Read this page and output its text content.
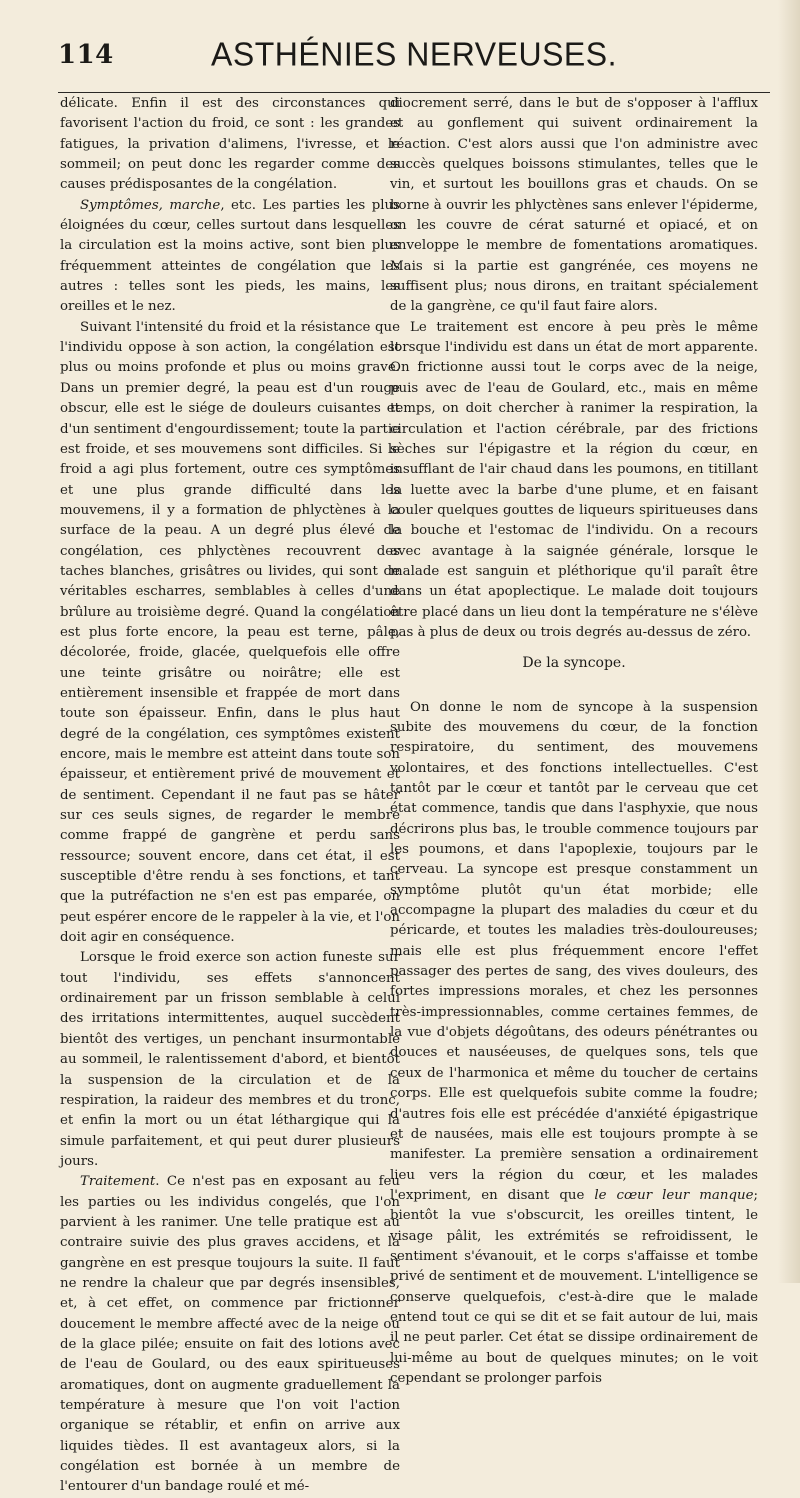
114	ASTHÉNIES NERVEUSES.

délicate. Enfin il est des circonstances qui favorisent l'action du froid, ce sont : les grandes fatigues, la privation d'alimens, l'ivresse, et le sommeil; on peut donc les regarder comme des causes prédisposantes de la congélation.

Symptômes, marche, etc. Les parties les plus éloignées du cœur, celles surtout dans lesquelles la circulation est la moins active, sont bien plus fréquemment atteintes de congélation que les autres : telles sont les pieds, les mains, les oreilles et le nez.

Suivant l'intensité du froid et la résistance que l'individu oppose à son action, la congélation est plus ou moins profonde et plus ou moins grave. Dans un premier degré, la peau est d'un rouge obscur, elle est le siége de douleurs cuisantes et d'un sentiment d'engourdissement; toute la partie est froide, et ses mouvemens sont difficiles. Si le froid a agi plus fortement, outre ces symptômes et une plus grande difficulté dans les mouvemens, il y a formation de phlyctènes à la surface de la peau. A un degré plus élevé de congélation, ces phlyctènes recouvrent des taches blanches, grisâtres ou livides, qui sont de véritables escharres, semblables à celles d'une brûlure au troisième degré. Quand la congélation est plus forte encore, la peau est terne, pâle, décolorée, froide, glacée, quelquefois elle offre une teinte grisâtre ou noirâtre; elle est entièrement insensible et frappée de mort dans toute son épaisseur. Enfin, dans le plus haut degré de la congélation, ces symptômes existent encore, mais le membre est atteint dans toute son épaisseur, et entièrement privé de mouvement et de sentiment. Cependant il ne faut pas se hâter sur ces seuls signes, de regarder le membre comme frappé de gangrène et perdu sans ressource; souvent encore, dans cet état, il est susceptible d'être rendu à ses fonctions, et tant que la putréfaction ne s'en est pas emparée, on peut espérer encore de le rappeler à la vie, et l'on doit agir en conséquence.

Lorsque le froid exerce son action funeste sur tout l'individu, ses effets s'annoncent ordinairement par un frisson semblable à celui des irritations intermittentes, auquel succèdent bientôt des vertiges, un penchant insurmontable au sommeil, le ralentissement d'abord, et bientôt la suspension de la circulation et de la respiration, la raideur des membres et du tronc, et enfin la mort ou un état léthargique qui la simule parfaitement, et qui peut durer plusieurs jours.

Traitement. Ce n'est pas en exposant au feu les parties ou les individus congelés, que l'on parvient à les ranimer. Une telle pratique est au contraire suivie des plus graves accidens, et la gangrène en est presque toujours la suite. Il faut ne rendre la chaleur que par degrés insensibles, et, à cet effet, on commence par frictionner doucement le membre affecté avec de la neige ou de la glace pilée; ensuite on fait des lotions avec de l'eau de Goulard, ou des eaux spiritueuses aromatiques, dont on augmente graduellement la température à mesure que l'on voit l'action organique se rétablir, et enfin on arrive aux liquides tièdes. Il est avantageux alors, si la congélation est bornée à un membre de l'entourer d'un bandage roulé et mé-

diocrement serré, dans le but de s'opposer à l'afflux et au gonflement qui suivent ordinairement la réaction. C'est alors aussi que l'on administre avec succès quelques boissons stimulantes, telles que le vin, et surtout les bouillons gras et chauds. On se borne à ouvrir les phlyctènes sans enlever l'épiderme, on les couvre de cérat saturné et opiacé, et on enveloppe le membre de fomentations aromatiques. Mais si la partie est gangrénée, ces moyens ne suffisent plus; nous dirons, en traitant spécialement de la gangrène, ce qu'il faut faire alors.

Le traitement est encore à peu près le même lorsque l'individu est dans un état de mort apparente. On frictionne aussi tout le corps avec de la neige, puis avec de l'eau de Goulard, etc., mais en même temps, on doit chercher à ranimer la respiration, la circulation et l'action cérébrale, par des frictions sèches sur l'épigastre et la région du cœur, en insufflant de l'air chaud dans les poumons, en titillant la luette avec la barbe d'une plume, et en faisant couler quelques gouttes de liqueurs spiritueuses dans la bouche et l'estomac de l'individu. On a recours avec avantage à la saignée générale, lorsque le malade est sanguin et pléthorique qu'il paraît être dans un état apoplectique. Le malade doit toujours être placé dans un lieu dont la température ne s'élève pas à plus de deux ou trois degrés au-dessus de zéro.

De la syncope.

On donne le nom de syncope à la suspension subite des mouvemens du cœur, de la fonction respiratoire, du sentiment, des mouvemens volontaires, et des fonctions intellectuelles. C'est tantôt par le cœur et tantôt par le cerveau que cet état commence, tandis que dans l'asphyxie, que nous décrirons plus bas, le trouble commence toujours par les poumons, et dans l'apoplexie, toujours par le cerveau. La syncope est presque constamment un symptôme plutôt qu'un état morbide; elle accompagne la plupart des maladies du cœur et du péricarde, et toutes les maladies très-douloureuses; mais elle est plus fréquemment encore l'effet passager des pertes de sang, des vives douleurs, des fortes impressions morales, et chez les personnes très-impressionnables, comme certaines femmes, de la vue d'objets dégoûtans, des odeurs pénétrantes ou douces et nauséeuses, de quelques sons, tels que ceux de l'harmonica et même du toucher de certains corps. Elle est quelquefois subite comme la foudre; d'autres fois elle est précédée d'anxiété épigastrique et de nausées, mais elle est toujours prompte à se manifester. La première sensation a ordinairement lieu vers la région du cœur, et les malades l'expriment, en disant que le cœur leur manque; bientôt la vue s'obscurcit, les oreilles tintent, le visage pâlit, les extrémités se refroidissent, le sentiment s'évanouit, et le corps s'affaisse et tombe privé de sentiment et de mouvement. L'intelligence se conserve quelquefois, c'est-à-dire que le malade entend tout ce qui se dit et se fait autour de lui, mais il ne peut parler. Cet état se dissipe ordinairement de lui-même au bout de quelques minutes; on le voit cependant se prolonger parfois
